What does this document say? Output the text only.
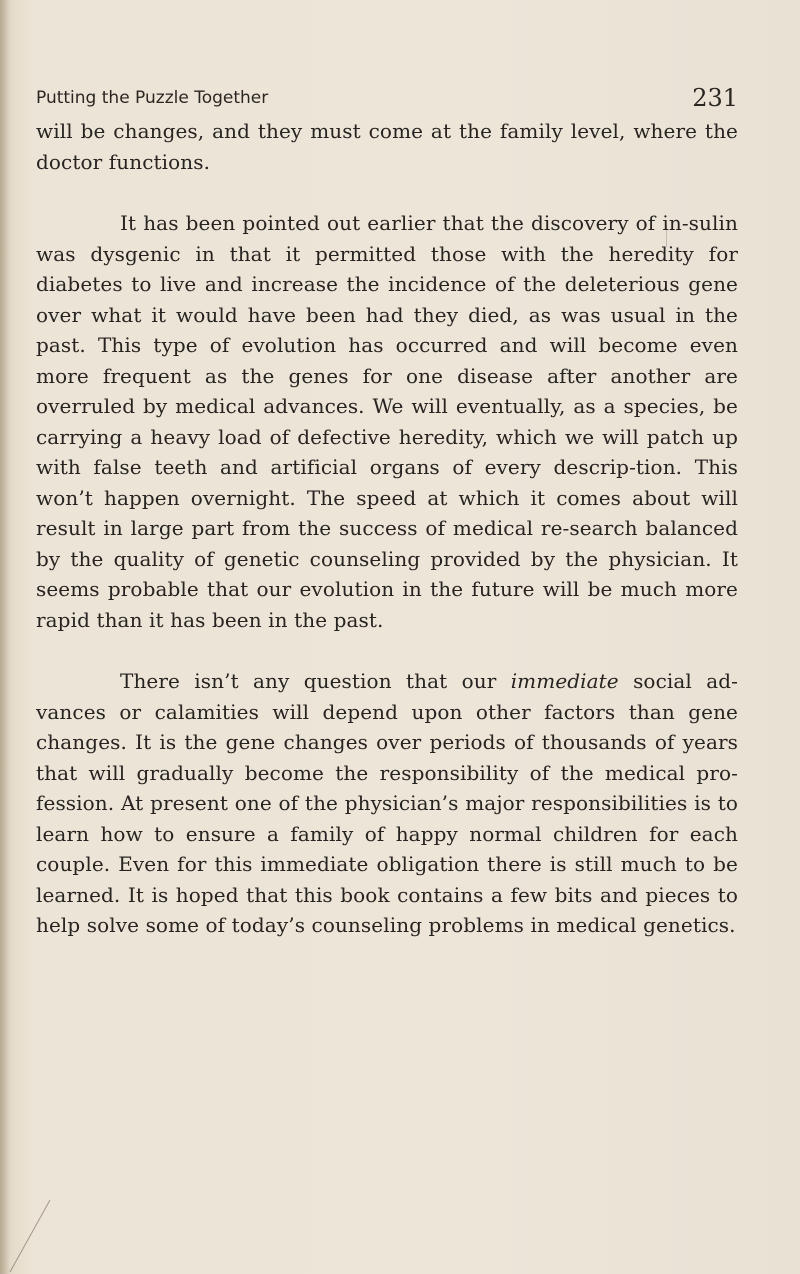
Putting the Puzzle Together	231

will be changes, and they must come at the family level, where the doctor functions.

It has been pointed out earlier that the discovery of in-sulin was dysgenic in that it permitted those with the heredity for diabetes to live and increase the incidence of the deleterious gene over what it would have been had they died, as was usual in the past. This type of evolution has occurred and will become even more frequent as the genes for one disease after another are overruled by medical advances. We will eventually, as a species, be carrying a heavy load of defective heredity, which we will patch up with false teeth and artificial organs of every descrip-tion. This won’t happen overnight. The speed at which it comes about will result in large part from the success of medical re-search balanced by the quality of genetic counseling provided by the physician. It seems probable that our evolution in the future will be much more rapid than it has been in the past.

There isn’t any question that our immediate social ad-vances or calamities will depend upon other factors than gene changes. It is the gene changes over periods of thousands of years that will gradually become the responsibility of the medical pro-fession. At present one of the physician’s major responsibilities is to learn how to ensure a family of happy normal children for each couple. Even for this immediate obligation there is still much to be learned. It is hoped that this book contains a few bits and pieces to help solve some of today’s counseling problems in medical genetics.
